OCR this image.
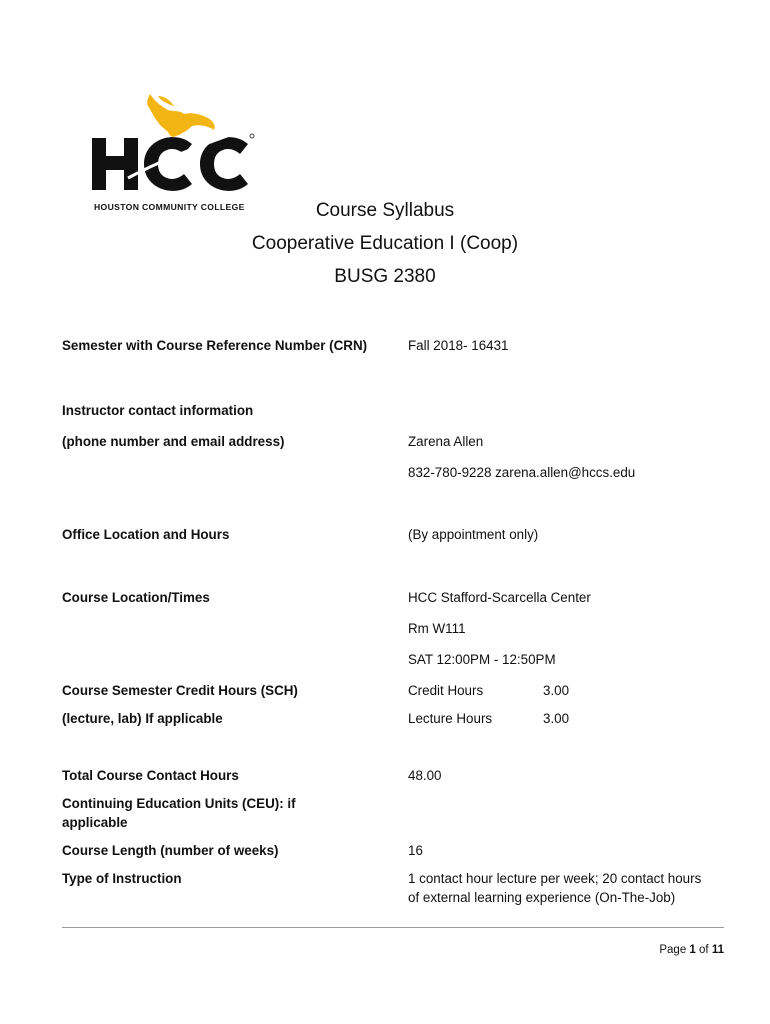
HOUSTON COMMUNITY COLLEGE	Course Syllabus
Cooperative Education I (Coop)
BUSG 2380
Semester with Course Reference Number (CRN)	Fall 2018- 16431
Instructor contact information
(phone number and email address)	Zarena Allen
832-780-9228 zarena.allen@hccs.edu
Office Location and Hours	(By appointment only)
Course Location/Times	HCC Stafford-Scarcella Center
Rm W111
SAT 12:00PM - 12:50PM
Course Semester Credit Hours (SCH)	Credit Hours	3.00
(lecture, lab) If applicable	Lecture Hours	3.00
Total Course Contact Hours	48.00
Continuing Education Units (CEU): if
applicable
Course Length (number of weeks)	16
Type of Instruction	1 contact hour lecture per week; 20 contact hours
of external learning experience (On-The-Job)
Page 1 of 11
